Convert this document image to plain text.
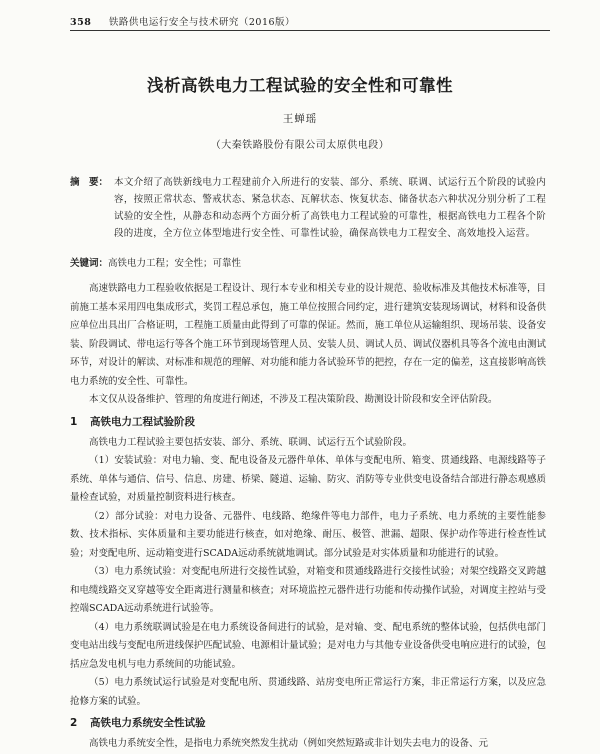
358 铁路供电运行安全与技术研究（2016版）
浅析高铁电力工程试验的安全性和可靠性
王蝉瑶
（大秦铁路股份有限公司太原供电段）
摘　要： 本文介绍了高铁新线电力工程建前介入所进行的安装、部分、系统、联调、试运行五个阶段的试验内容，按照正常状态、警戒状态、紧急状态、瓦解状态、恢复状态、储备状态六种状况分别分析了工程试验的安全性，从静态和动态两个方面分析了高铁电力工程试验的可靠性，根据高铁电力工程各个阶段的进度，全方位立体型地进行安全性、可靠性试验，确保高铁电力工程安全、高效地投入运营。
关键词：高铁电力工程；安全性；可靠性

高速铁路电力工程验收依据是工程设计、现行本专业和相关专业的设计规范、验收标准及其他技术标准等，目前施工基本采用四电集成形式，奖罚工程总承包，施工单位按照合同约定，进行建筑安装现场调试，材料和设备供应单位出具出厂合格证明，工程施工质量由此得到了可靠的保证。然而，施工单位从运输组织、现场吊装、设备安装、阶段调试、带电运行等各个施工环节到现场管理人员、安装人员、调试人员、调试仪器机具等各个流电由测试环节，对设计的解读、对标准和规范的理解、对功能和能力各试验环节的把控，存在一定的偏差，这直接影响高铁电力系统的安全性、可靠性。

本文仅从设备维护、管理的角度进行阐述，不涉及工程决策阶段、勘测设计阶段和安全评估阶段。

1 高铁电力工程试验阶段

高铁电力工程试验主要包括安装、部分、系统、联调、试运行五个试验阶段。

（1）安装试验：对电力输、变、配电设备及元器件单体、单体与变配电所、箱变、贯通线路、电源线路等子系统、单体与通信、信号、信息、房建、桥梁、隧道、运输、防灾、消防等专业供变电设备结合部进行静态观感质量检查试验，对质量控制资料进行核查。

（2）部分试验：对电力设备、元器件、电线路、绝缘件等电力部件，电力子系统、电力系统的主要性能参数、技术指标、实体质量和主要功能进行核查，如对绝缘、耐压、极管、泄漏、超限、保护动作等进行检查性试验；对变配电所、远动箱变进行SCADA远动系统就地调试。部分试验是对实体质量和功能进行的试验。

（3）电力系统试验：对变配电所进行交接性试验，对箱变和贯通线路进行交接性试验；对架空线路交叉跨越和电缆线路交叉穿越等安全距离进行测量和核查；对环境监控元器件进行功能和传动操作试验，对调度主控站与受控端SCADA远动系统进行试验等。

（4）电力系统联调试验是在电力系统设备间进行的试验，是对输、变、配电系统的整体试验，包括供电部门变电站出线与变配电所进线保护匹配试验、电源相计量试验；是对电力与其他专业设备供受电响应进行的试验，包括应急发电机与电力系统间的功能试验。

（5）电力系统试运行试验是对变配电所、贯通线路、站房变电所正常运行方案，非正常运行方案，以及应急抢修方案的试验。

2 高铁电力系统安全性试验

高铁电力系统安全性，是指电力系统突然发生扰动（例如突然短路或非计划失去电力的设备、元
